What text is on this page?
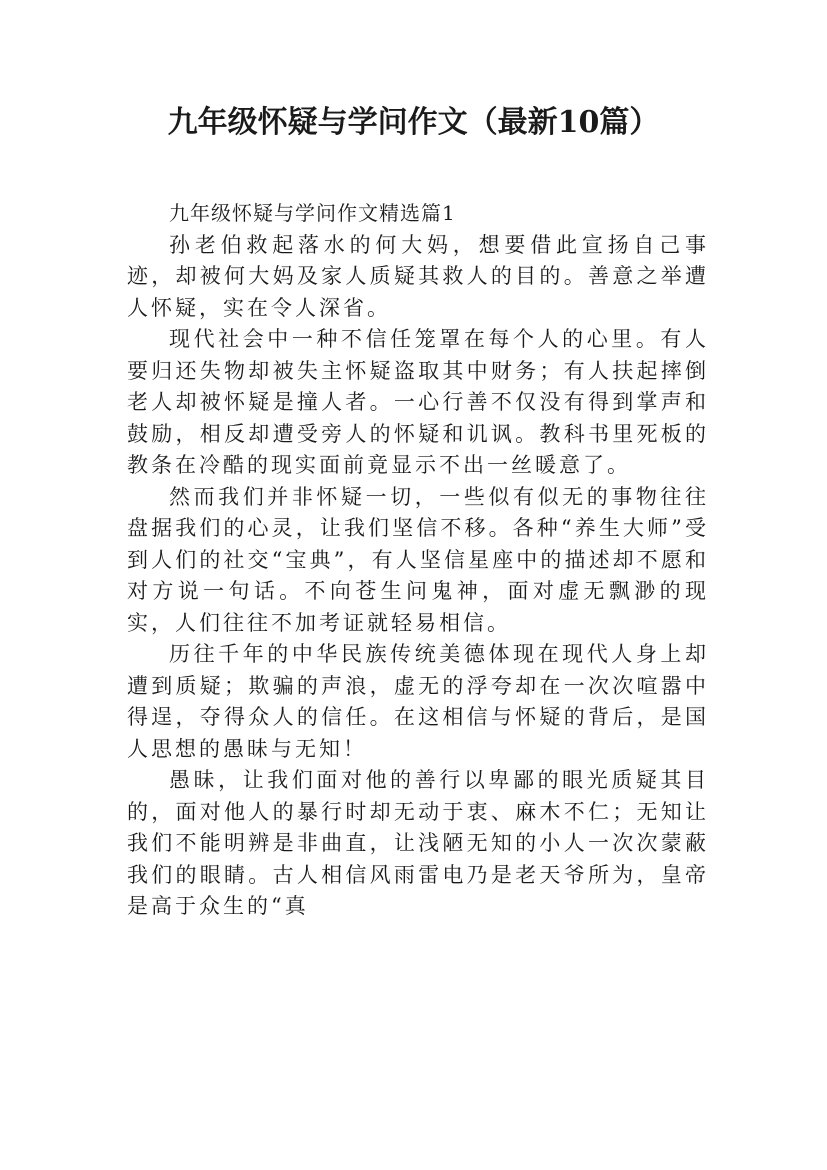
九年级怀疑与学问作文（最新10篇）

九年级怀疑与学问作文精选篇1

孙老伯救起落水的何大妈，想要借此宣扬自己事迹，却被何大妈及家人质疑其救人的目的。善意之举遭人怀疑，实在令人深省。

现代社会中一种不信任笼罩在每个人的心里。有人要归还失物却被失主怀疑盗取其中财务；有人扶起摔倒老人却被怀疑是撞人者。一心行善不仅没有得到掌声和鼓励，相反却遭受旁人的怀疑和讥讽。教科书里死板的教条在冷酷的现实面前竟显示不出一丝暖意了。

然而我们并非怀疑一切，一些似有似无的事物往往盘据我们的心灵，让我们坚信不移。各种“养生大师”受到人们的社交“宝典”，有人坚信星座中的描述却不愿和对方说一句话。不向苍生问鬼神，面对虚无飘渺的现实，人们往往不加考证就轻易相信。

历往千年的中华民族传统美德体现在现代人身上却遭到质疑；欺骗的声浪，虚无的浮夸却在一次次喧嚣中得逞，夺得众人的信任。在这相信与怀疑的背后，是国人思想的愚昧与无知！

愚昧，让我们面对他的善行以卑鄙的眼光质疑其目的，面对他人的暴行时却无动于衷、麻木不仁；无知让我们不能明辨是非曲直，让浅陋无知的小人一次次蒙蔽我们的眼睛。古人相信风雨雷电乃是老天爷所为，皇帝是高于众生的“真
